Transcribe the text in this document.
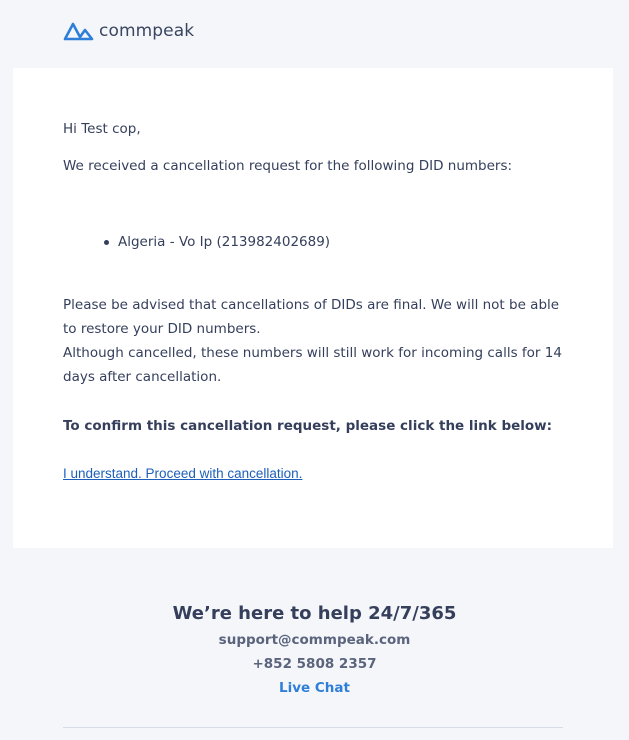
commpeak
Hi Test cop,
We received a cancellation request for the following DID numbers:
Algeria - Vo Ip (213982402689)

Please be advised that cancellations of DIDs are final. We will not be able to restore your DID numbers.
Although cancelled, these numbers will still work for incoming calls for 14 days after cancellation.

To confirm this cancellation request, please click the link below:
I understand. Proceed with cancellation.
We’re here to help 24/7/365
support@commpeak.com
+852 5808 2357
Live Chat
